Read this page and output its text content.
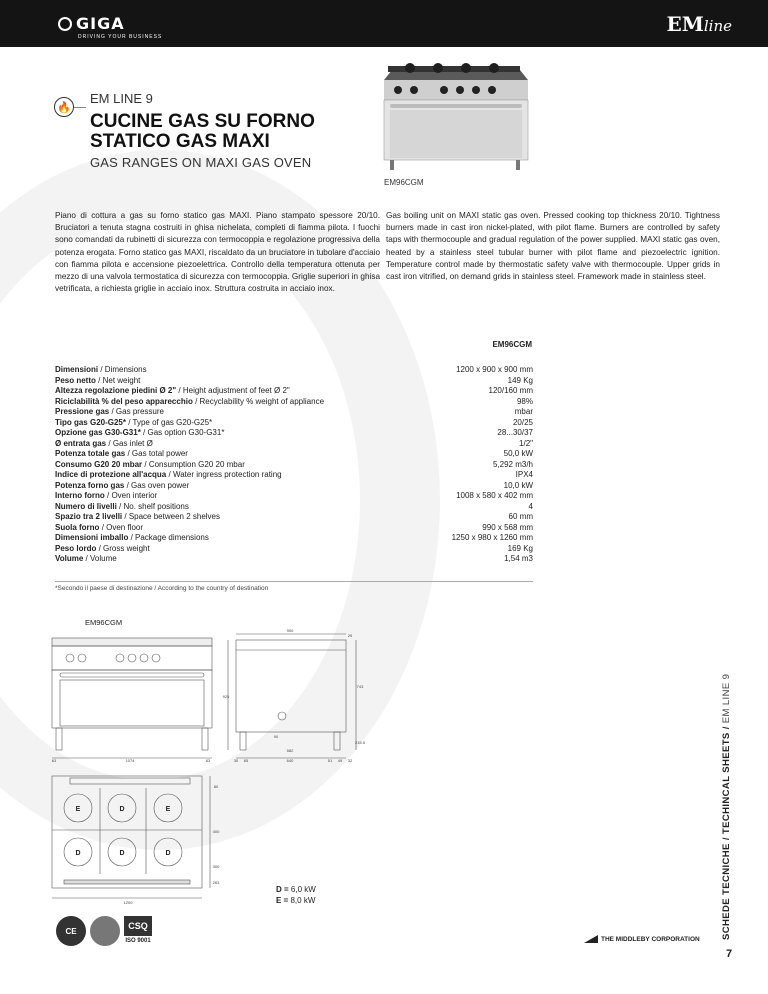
GIGA
DRIVING YOUR BUSINESS
EMline
🔥
EM LINE 9
CUCINE GAS SU FORNO STATICO GAS MAXI
GAS RANGES ON MAXI GAS OVEN
EM96CGM
Piano di cottura a gas su forno statico gas MAXI. Piano stampato spessore 20/10. Bruciatori a tenuta stagna costruiti in ghisa nichelata, completi di fiamma pilota. I fuochi sono comandati da rubinetti di sicurezza con termocoppia e regolazione progressiva della potenza erogata. Forno statico gas MAXI, riscaldato da un bruciatore in tubolare d'acciaio con fiamma pilota e accensione piezoelettrica. Controllo della temperatura ottenuta per mezzo di una valvola termostatica di sicurezza con termocoppia. Griglie superiori in ghisa vetrificata, a richiesta griglie in acciaio inox. Struttura costruita in acciaio inox.
Gas boiling unit on MAXI static gas oven. Pressed cooking top thickness 20/10. Tightness burners made in cast iron nickel-plated, with pilot flame. Burners are controlled by safety taps with thermocouple and gradual regulation of the power supplied. MAXI static gas oven, heated by a stainless steel tubular burner with pilot flame and piezoelectric ignition. Temperature control made by thermostatic safety valve with thermocouple. Upper grids in cast iron vitrified, on demand grids in stainless steel. Framework made in stainless steel.
EM96CGM
Dimensioni / Dimensions	1200 x 900 x 900 mm
Peso netto / Net weight	149 Kg
Altezza regolazione piedini Ø 2" / Height adjustment of feet Ø 2"	120/160 mm
Riciclabilità % del peso apparecchio / Recyclability % weight of appliance	98%
Pressione gas / Gas pressure	mbar
Tipo gas G20-G25* / Type of gas G20-G25*	20/25
Opzione gas G30-G31* / Gas option G30-G31*	28...30/37
Ø entrata gas / Gas inlet Ø	1/2"
Potenza totale gas / Gas total power	50,0 kW
Consumo G20 20 mbar / Consumption G20 20 mbar	5,292 m3/h
Indice di protezione all'acqua / Water ingress protection rating	IPX4
Potenza forno gas / Gas oven power	10,0 kW
Interno forno / Oven interior	1008 x 580 x 402 mm
Numero di livelli / No. shelf positions	4
Spazio tra 2 livelli / Space between 2 shelves	60 mm
Suola forno / Oven floor	990 x 568 mm
Dimensioni imballo / Package dimensions	1250 x 980 x 1260 mm
Peso lordo / Gross weight	169 Kg
Volume / Volume	1,54 m3
*Secondo il paese di destinazione / According to the country of destination
EM96CGM
1074
63	63
900
25
925
743
90
65	640
582
51 49 32
215.5
30
80
400
300
263
1200
E	D	E
D	D	D
D = 6,0 kW
E = 8,0 kW
CE	CSQ
ISO 9001	THE MIDDLEBY CORPORATION SCHEDE TECNICHE / TECHINCAL SHEETS / EM LINE 9
7
